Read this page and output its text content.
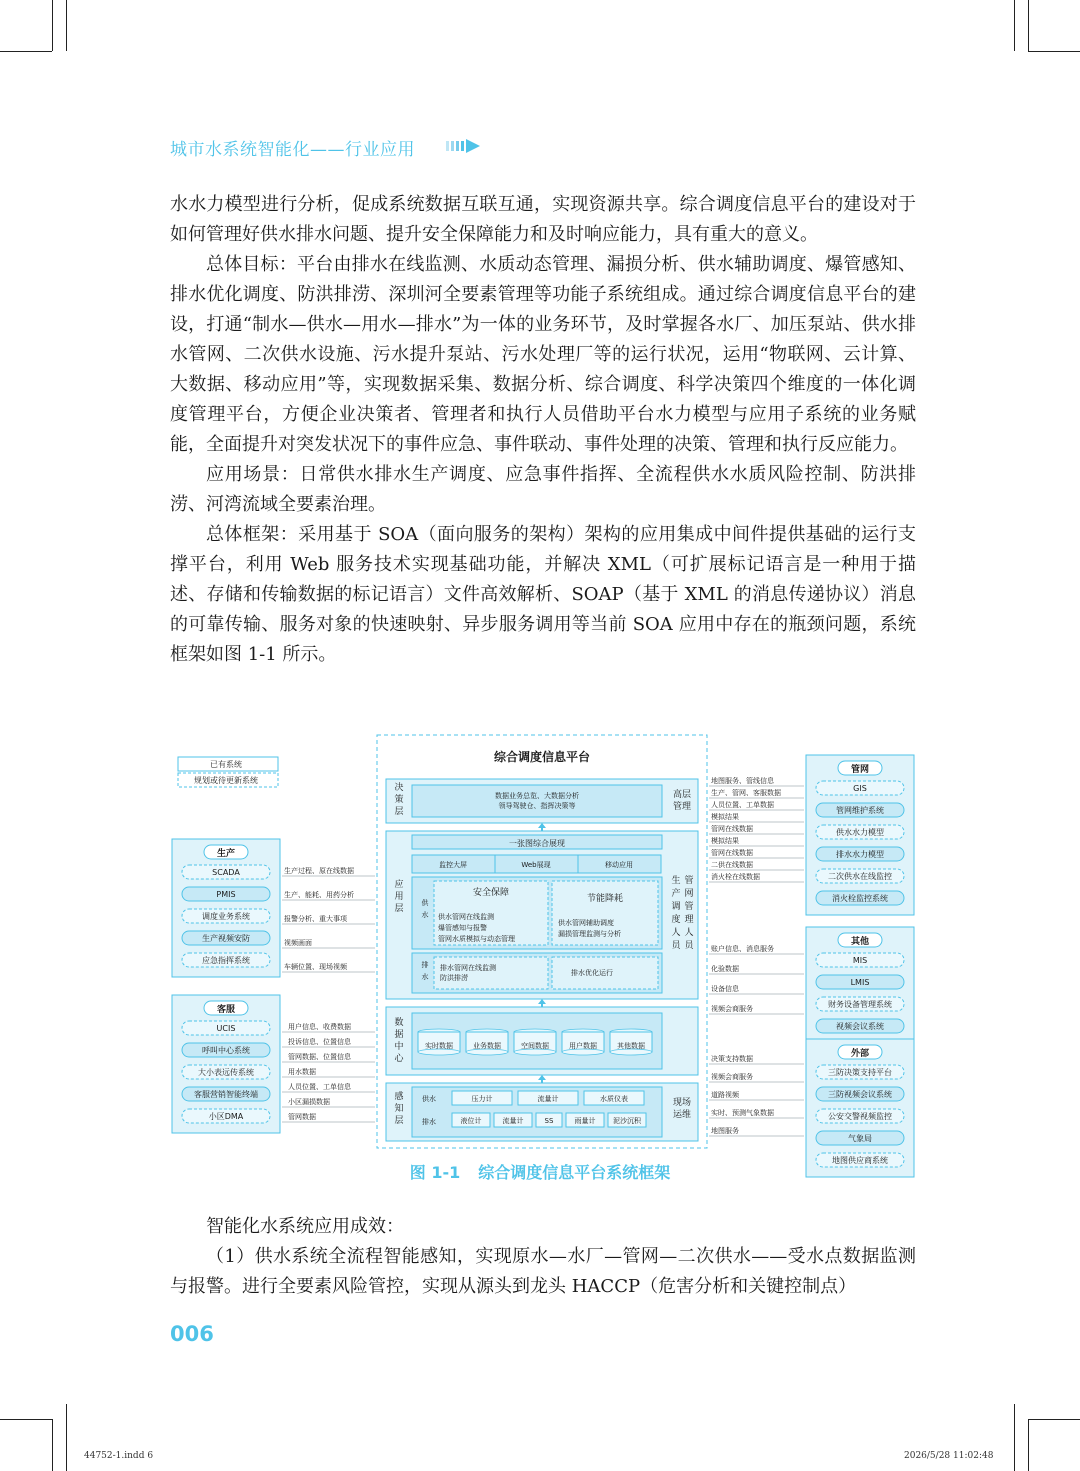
城市水系统智能化——行业应用

水水力模型进行分析，促成系统数据互联互通，实现资源共享。综合调度信息平台的建设对于如何管理好供水排水问题、提升安全保障能力和及时响应能力，具有重大的意义。

总体目标：平台由排水在线监测、水质动态管理、漏损分析、供水辅助调度、爆管感知、排水优化调度、防洪排涝、深圳河全要素管理等功能子系统组成。通过综合调度信息平台的建设，打通“制水—供水—用水—排水”为一体的业务环节，及时掌握各水厂、加压泵站、供水排水管网、二次供水设施、污水提升泵站、污水处理厂等的运行状况，运用“物联网、云计算、大数据、移动应用”等，实现数据采集、数据分析、综合调度、科学决策四个维度的一体化调度管理平台，方便企业决策者、管理者和执行人员借助平台水力模型与应用子系统的业务赋能，全面提升对突发状况下的事件应急、事件联动、事件处理的决策、管理和执行反应能力。

应用场景：日常供水排水生产调度、应急事件指挥、全流程供水水质风险控制、防洪排涝、河湾流域全要素治理。

总体框架：采用基于 SOA（面向服务的架构）架构的应用集成中间件提供基础的运行支撑平台，利用 Web 服务技术实现基础功能，并解决 XML（可扩展标记语言是一种用于描述、存储和传输数据的标记语言）文件高效解析、SOAP（基于 XML 的消息传递协议）消息的可靠传输、服务对象的快速映射、异步服务调用等当前 SOA 应用中存在的瓶颈问题，系统框架如图 1-1 所示。

已有系统
规划或待更新系统
综合调度信息平台
决
策
层
数据业务总览、大数据分析
领导驾驶仓、指挥决策等
高层
管理
应
用
层
一张图综合展现
监控大屏	Web展现	移动应用
供
水
安全保障
供水管网在线监测
爆管感知与报警
管网水质模拟与动态管理
节能降耗
供水管网辅助调度
漏损管理监测与分析
排
水
排水管网在线监测
防洪排涝
排水优化运行
生
产
调
度
人
员
管
网
管
理
人
员
数
据
中
心
实时数据	业务数据	空间数据	用户数据	其他数据
感
知
层
供水	压力计	流量计	水质仪表
排水	液位计	流量计	SS	雨量计	泥沙沉积
现场
运维
生产
SCADA
PMIS
调度业务系统
生产视频安防
应急指挥系统
客服
UCIS
呼叫中心系统
大小表远传系统
客服营销智能终端
小区DMA
管网
GIS
管网维护系统
供水水力模型
排水水力模型
二次供水在线监控
消火栓监控系统
其他
MIS
LMIS
财务设备管理系统
视频会议系统
外部
三防决策支持平台
三防视频会议系统
公安交警视频监控
气象局
地图供应商系统
生产过程、原在线数据
生产、能耗、用药分析
报警分析、重大事项
视频画面
车辆位置、现场视频
用户信息、收费数据
投诉信息、位置信息
管网数据、位置信息
用水数据
人员位置、工单信息
小区漏损数据
管网数据
地图服务、管线信息
生产、管网、客服数据
人员位置、工单数据
模拟结果
管网在线数据
模拟结果
管网在线数据
二供在线数据
消火栓在线数据
账户信息、消息服务
化验数据
设备信息
视频会商服务
决策支持数据
视频会商服务
道路视频
实时、预测气象数据
地图服务
图 1-1 综合调度信息平台系统框架

智能化水系统应用成效：

（1）供水系统全流程智能感知，实现原水—水厂—管网—二次供水——受水点数据监测与报警。进行全要素风险管控，实现从源头到龙头 HACCP（危害分析和关键控制点）

006
44752-1.indd 6	2026/5/28 11:02:48
